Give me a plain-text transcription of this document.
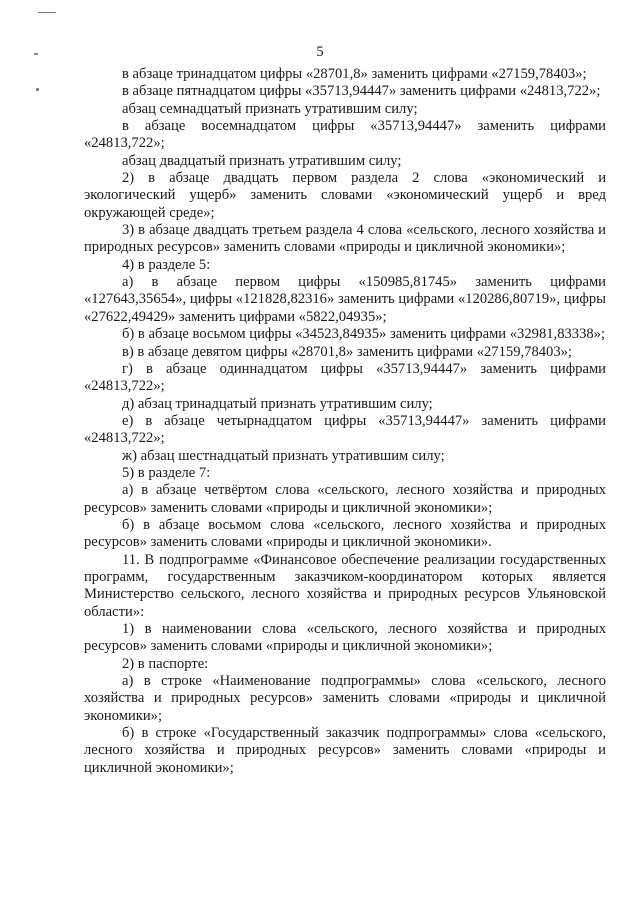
5

в абзаце тринадцатом цифры «28701,8» заменить цифрами «27159,78403»;

в абзаце пятнадцатом цифры «35713,94447» заменить цифрами «24813,722»;

абзац семнадцатый признать утратившим силу;

в абзаце восемнадцатом цифры «35713,94447» заменить цифрами «24813,722»;

абзац двадцатый признать утратившим силу;

2) в абзаце двадцать первом раздела 2 слова «экономический и экологический ущерб» заменить словами «экономический ущерб и вред окружающей среде»;

3) в абзаце двадцать третьем раздела 4 слова «сельского, лесного хозяйства и природных ресурсов» заменить словами «природы и цикличной экономики»;

4) в разделе 5:

а) в абзаце первом цифры «150985,81745» заменить цифрами «127643,35654», цифры «121828,82316» заменить цифрами «120286,80719», цифры «27622,49429» заменить цифрами «5822,04935»;

б) в абзаце восьмом цифры «34523,84935» заменить цифрами «32981,83338»;

в) в абзаце девятом цифры «28701,8» заменить цифрами «27159,78403»;

г) в абзаце одиннадцатом цифры «35713,94447» заменить цифрами «24813,722»;

д) абзац тринадцатый признать утратившим силу;

е) в абзаце четырнадцатом цифры «35713,94447» заменить цифрами «24813,722»;

ж) абзац шестнадцатый признать утратившим силу;

5) в разделе 7:

а) в абзаце четвёртом слова «сельского, лесного хозяйства и природных ресурсов» заменить словами «природы и цикличной экономики»;

б) в абзаце восьмом слова «сельского, лесного хозяйства и природных ресурсов» заменить словами «природы и цикличной экономики».

11. В подпрограмме «Финансовое обеспечение реализации государственных программ, государственным заказчиком-координатором которых является Министерство сельского, лесного хозяйства и природных ресурсов Ульяновской области»:

1) в наименовании слова «сельского, лесного хозяйства и природных ресурсов» заменить словами «природы и цикличной экономики»;

2) в паспорте:

а) в строке «Наименование подпрограммы» слова «сельского, лесного хозяйства и природных ресурсов» заменить словами «природы и цикличной экономики»;

б) в строке «Государственный заказчик подпрограммы» слова «сельского, лесного хозяйства и природных ресурсов» заменить словами «природы и цикличной экономики»;
